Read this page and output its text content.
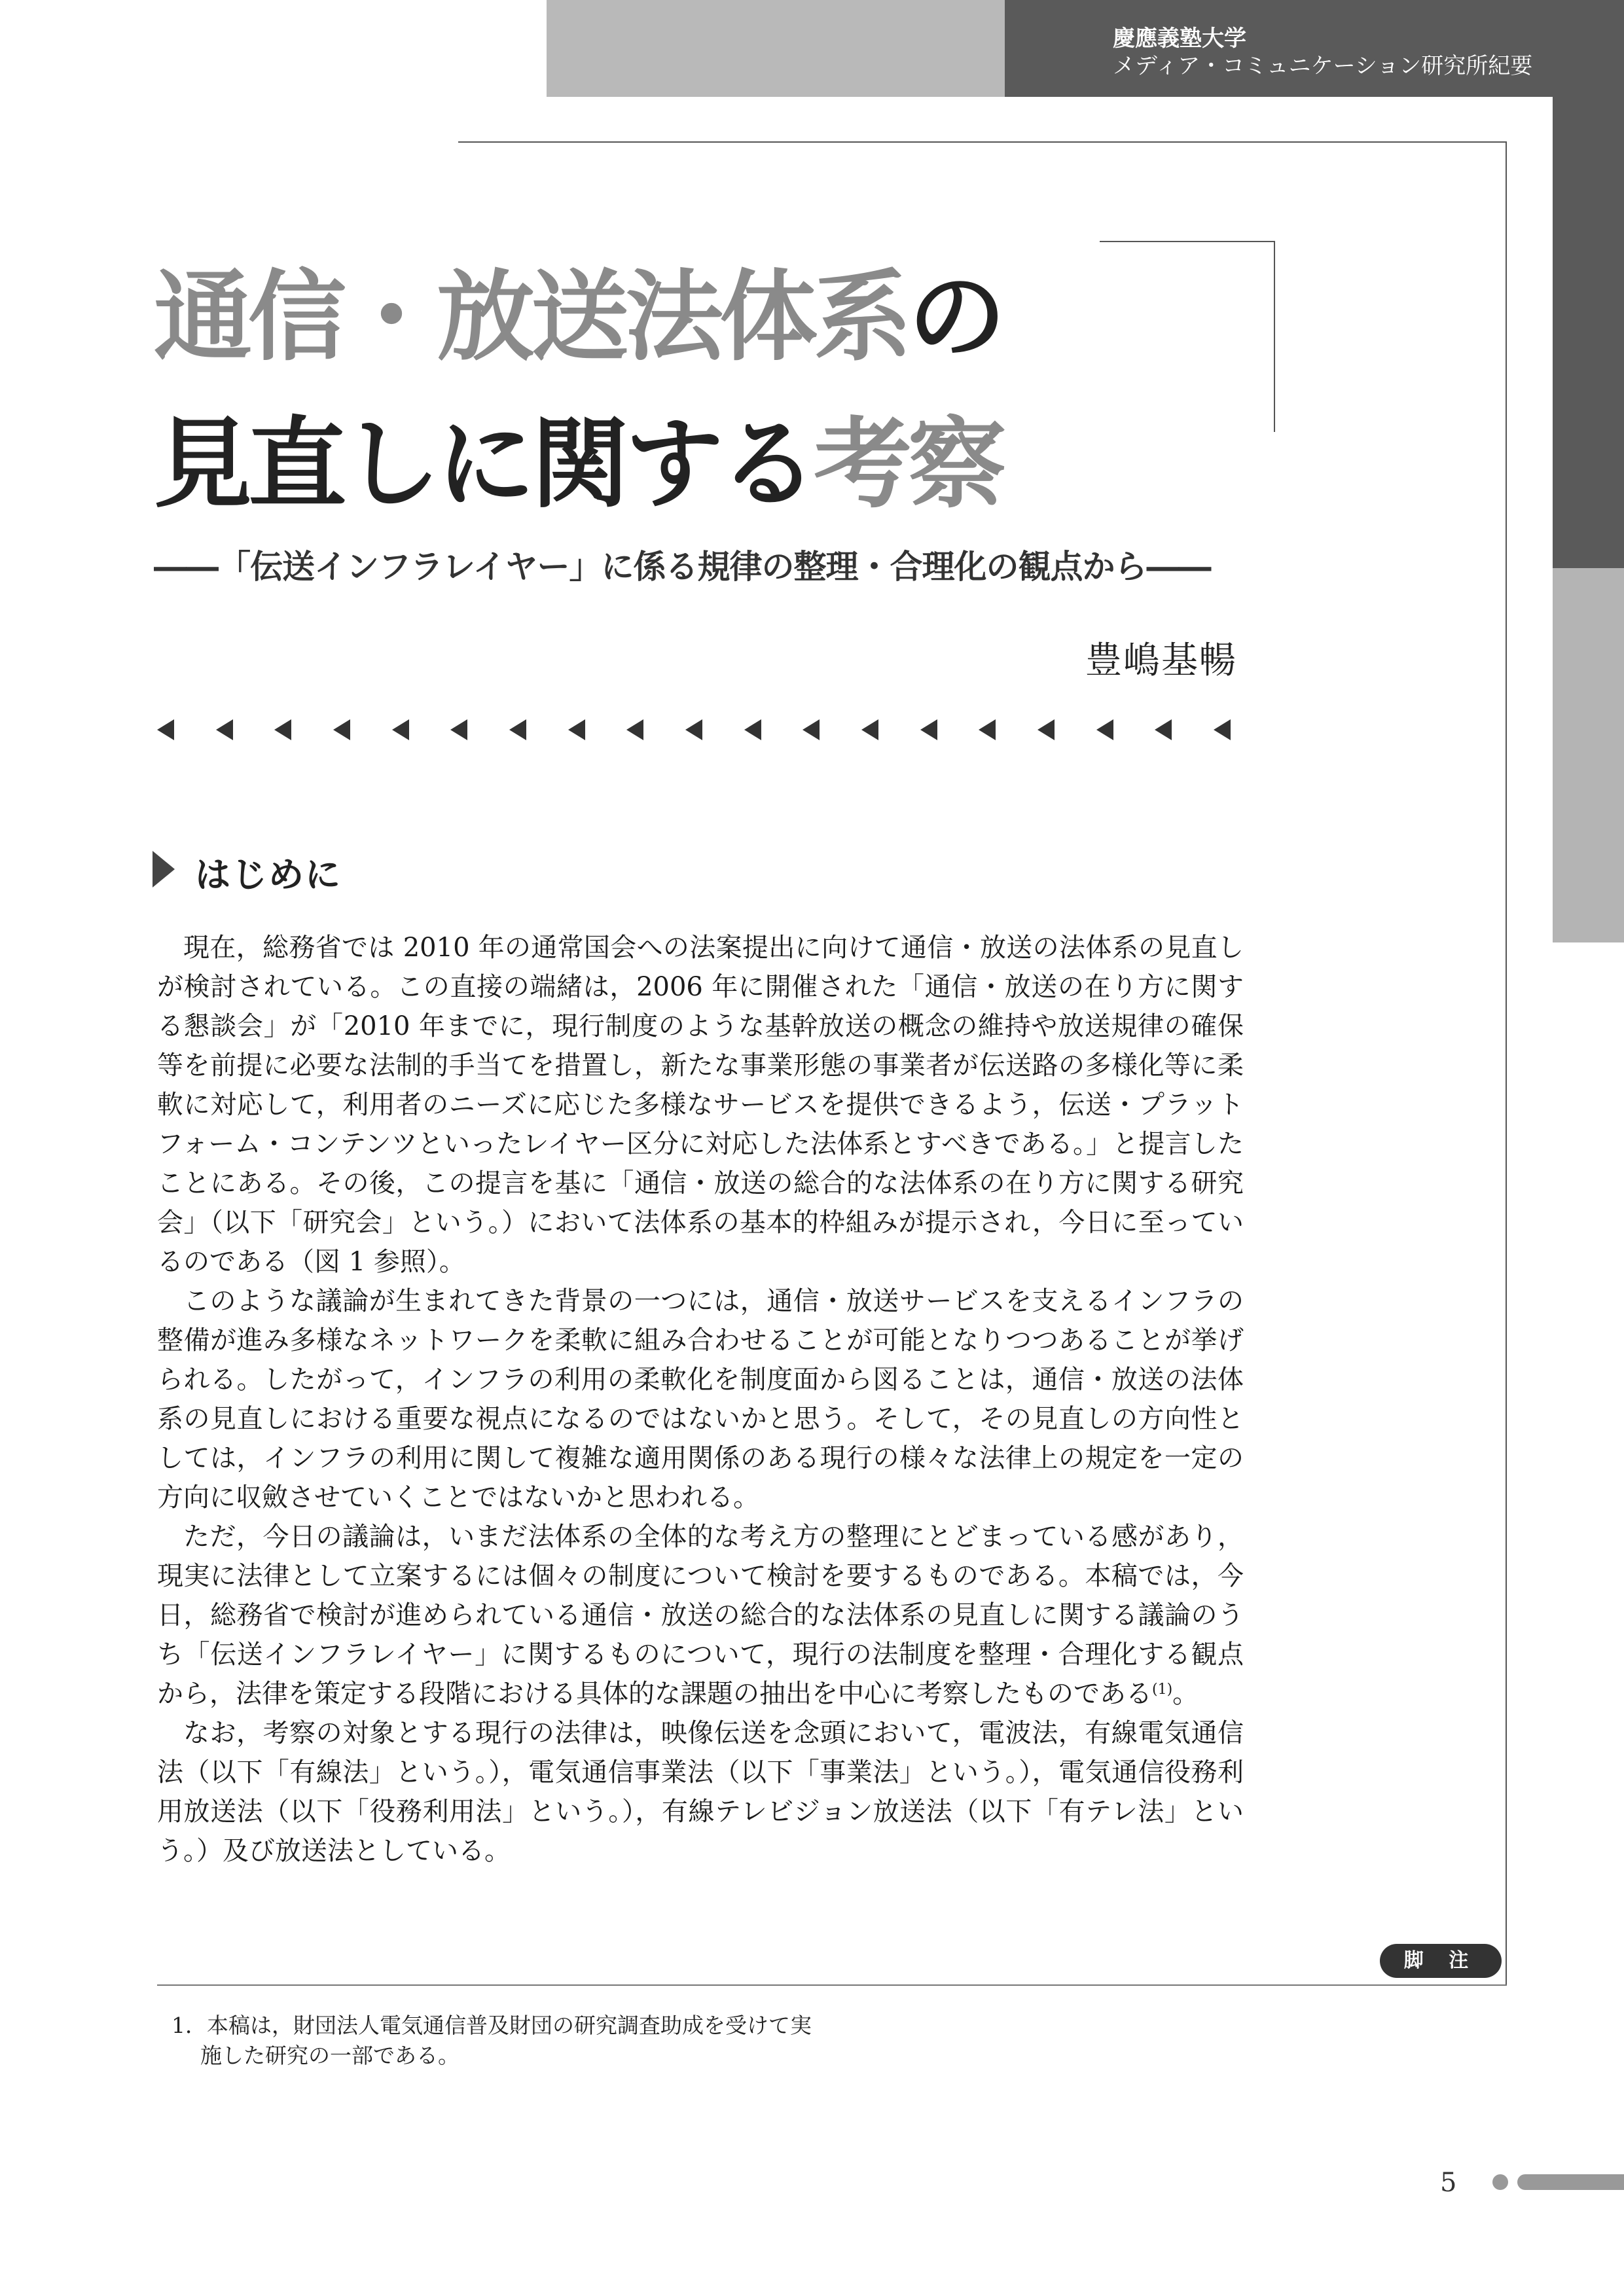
慶應義塾大学
メディア・コミュニケーション研究所紀要
通信・放送法体系の
見直しに関する考察
――「伝送インフラレイヤー」に係る規律の整理・合理化の観点から――
豊嶋基暢
はじめに

現在，総務省では 2010 年の通常国会への法案提出に向けて通信・放送の法体系の見直しが検討されている。この直接の端緒は，2006 年に開催された「通信・放送の在り方に関する懇談会」が「2010 年までに，現行制度のような基幹放送の概念の維持や放送規律の確保等を前提に必要な法制的手当てを措置し，新たな事業形態の事業者が伝送路の多様化等に柔軟に対応して，利用者のニーズに応じた多様なサービスを提供できるよう，伝送・プラットフォーム・コンテンツといったレイヤー区分に対応した法体系とすべきである。」と提言したことにある。その後，この提言を基に「通信・放送の総合的な法体系の在り方に関する研究会」（以下「研究会」という。）において法体系の基本的枠組みが提示され，今日に至っているのである（図 1 参照）。

このような議論が生まれてきた背景の一つには，通信・放送サービスを支えるインフラの整備が進み多様なネットワークを柔軟に組み合わせることが可能となりつつあることが挙げられる。したがって，インフラの利用の柔軟化を制度面から図ることは，通信・放送の法体系の見直しにおける重要な視点になるのではないかと思う。そして，その見直しの方向性としては，インフラの利用に関して複雑な適用関係のある現行の様々な法律上の規定を一定の方向に収斂させていくことではないかと思われる。

ただ，今日の議論は，いまだ法体系の全体的な考え方の整理にとどまっている感があり，現実に法律として立案するには個々の制度について検討を要するものである。本稿では，今日，総務省で検討が進められている通信・放送の総合的な法体系の見直しに関する議論のうち「伝送インフラレイヤー」に関するものについて，現行の法制度を整理・合理化する観点から，法律を策定する段階における具体的な課題の抽出を中心に考察したものである$^{(1)}$。

なお，考察の対象とする現行の法律は，映像伝送を念頭において，電波法，有線電気通信法（以下「有線法」という。），電気通信事業法（以下「事業法」という。），電気通信役務利用放送法（以下「役務利用法」という。），有線テレビジョン放送法（以下「有テレ法」という。）及び放送法としている。

脚 注
1．本稿は，財団法人電気通信普及財団の研究調査助成を受けて実
施した研究の一部である。
5
